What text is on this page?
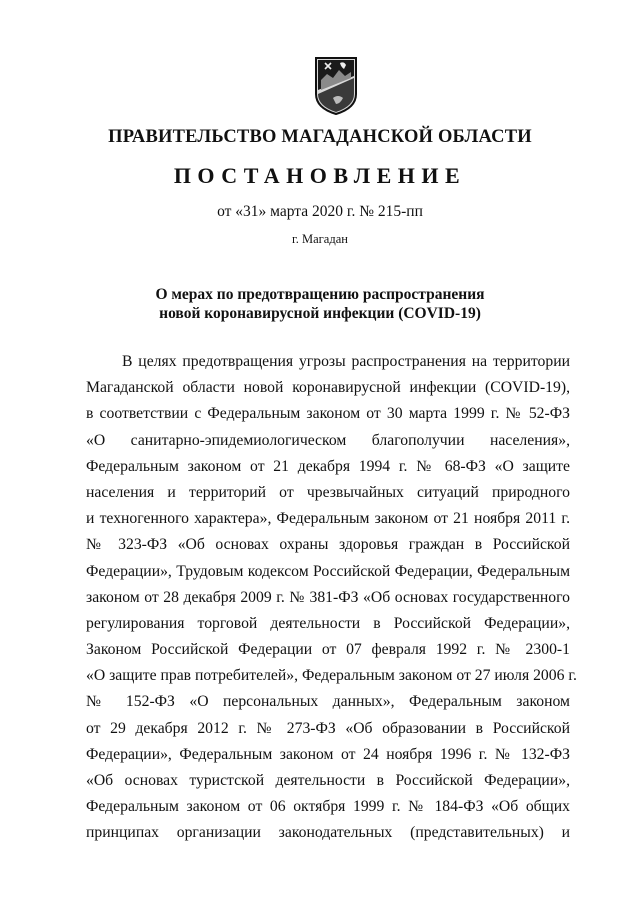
ПРАВИТЕЛЬСТВО МАГАДАНСКОЙ ОБЛАСТИ
ПОСТАНОВЛЕНИЕ
от «31» марта 2020 г. № 215-пп
г. Магадан
О мерах по предотвращению распространения
новой коронавирусной инфекции (COVID-19)
В целях предотвращения угрозы распространения на территории
Магаданской области новой коронавирусной инфекции (COVID-19),
в соответствии с Федеральным законом от 30 марта 1999 г. № 52-ФЗ
«О санитарно-эпидемиологическом благополучии населения»,
Федеральным законом от 21 декабря 1994 г. № 68-ФЗ «О защите
населения и территорий от чрезвычайных ситуаций природного
и техногенного характера», Федеральным законом от 21 ноября 2011 г.
№ 323-ФЗ «Об основах охраны здоровья граждан в Российской
Федерации», Трудовым кодексом Российской Федерации, Федеральным
законом от 28 декабря 2009 г. № 381-ФЗ «Об основах государственного
регулирования торговой деятельности в Российской Федерации»,
Законом Российской Федерации от 07 февраля 1992 г. № 2300-1
«О защите прав потребителей», Федеральным законом от 27 июля 2006 г.
№ 152-ФЗ «О персональных данных», Федеральным законом
от 29 декабря 2012 г. № 273-ФЗ «Об образовании в Российской
Федерации», Федеральным законом от 24 ноября 1996 г. № 132-ФЗ
«Об основах туристской деятельности в Российской Федерации»,
Федеральным законом от 06 октября 1999 г. № 184-ФЗ «Об общих
принципах организации законодательных (представительных) и
